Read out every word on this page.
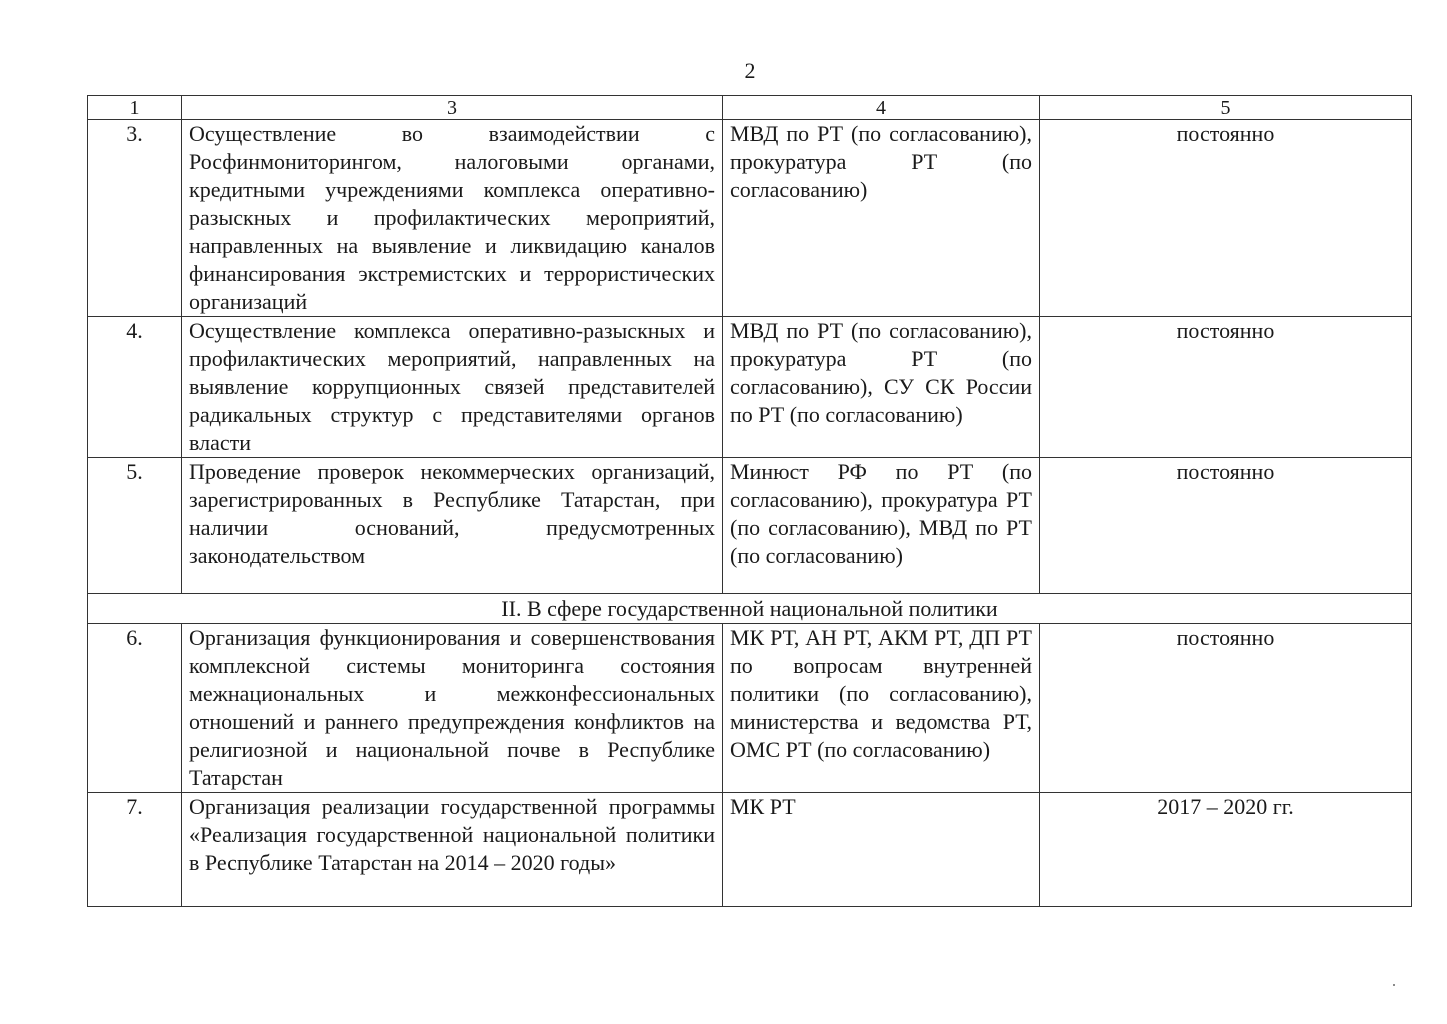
2
1	3	4	5
3.	Осуществление во взаимодействии с Росфинмониторингом, налоговыми органами, кредитными учреждениями комплекса оперативно-разыскных и профилактических мероприятий, направленных на выявление и ликвидацию каналов финансирования экстремистских и террористических организаций	МВД по РТ (по согласованию), прокуратура РТ (по согласованию)	постоянно
4.	Осуществление комплекса оперативно-разыскных и профилактических мероприятий, направленных на выявление коррупционных связей представителей радикальных структур с представителями органов власти	МВД по РТ (по согласованию), прокуратура РТ (по согласованию), СУ СК России по РТ (по согласованию)	постоянно
5.	Проведение проверок некоммерческих организаций, зарегистрированных в Республике Татарстан, при наличии оснований, предусмотренных законодательством	Минюст РФ по РТ (по согласованию), прокуратура РТ (по согласованию), МВД по РТ (по согласованию)	постоянно
II. В сфере государственной национальной политики			
6.	Организация функционирования и совершенствования комплексной системы мониторинга состояния межнациональных и межконфессиональных отношений и раннего предупреждения конфликтов на религиозной и национальной почве в Республике Татарстан	МК РТ, АН РТ, АКМ РТ, ДП РТ по вопросам внутренней политики (по согласованию), министерства и ведомства РТ, ОМС РТ (по согласованию)	постоянно
7.	Организация реализации государственной программы «Реализация государственной национальной политики в Республике Татарстан на 2014 – 2020 годы»	МК РТ	2017 – 2020 гг.
